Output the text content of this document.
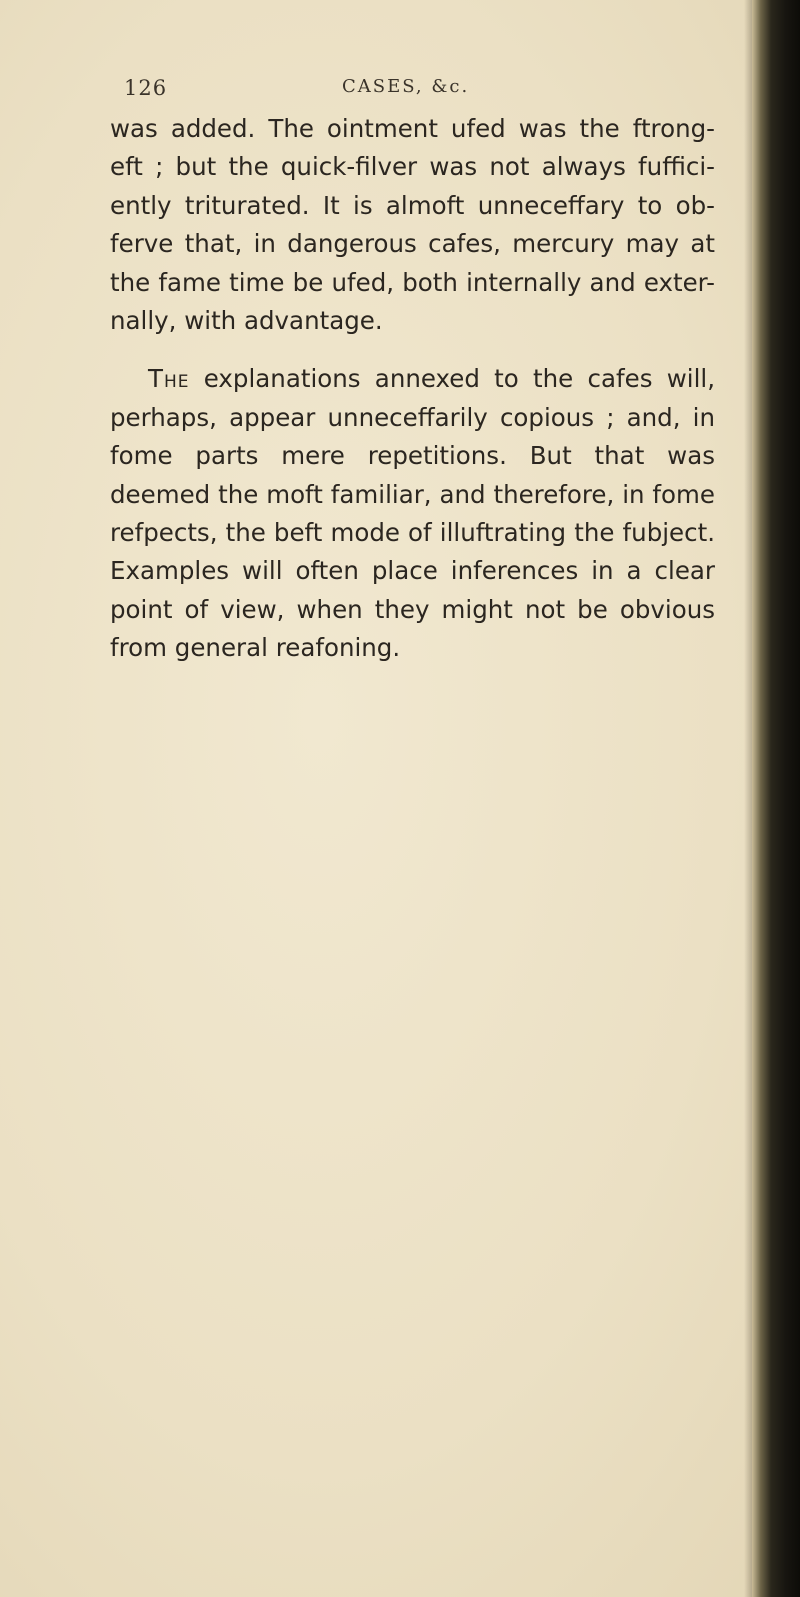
126	CASES, &c.
was added. The ointment ufed was the ftrong-
eft ; but the quick-filver was not always fuffici-
ently triturated. It is almoft unneceffary to ob-
ferve that, in dangerous cafes, mercury may at
the fame time be ufed, both internally and exter-
nally, with advantage.
The explanations annexed to the cafes will,
perhaps, appear unneceffarily copious ; and, in
fome parts mere repetitions. But that was
deemed the moft familiar, and therefore, in fome
refpects, the beft mode of illuftrating the fubject.
Examples will often place inferences in a clear
point of view, when they might not be obvious
from general reafoning.
